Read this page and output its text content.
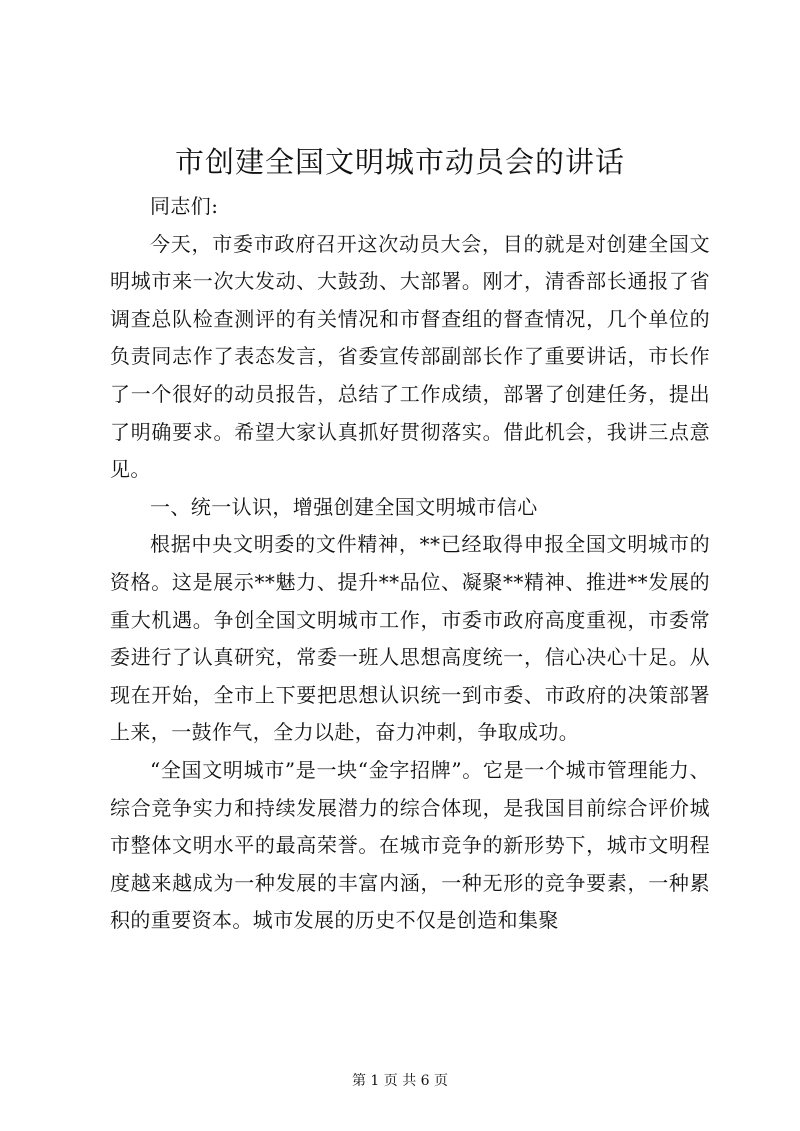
市创建全国文明城市动员会的讲话

同志们:

今天，市委市政府召开这次动员大会，目的就是对创建全国文明城市来一次大发动、大鼓劲、大部署。刚才，清香部长通报了省调查总队检查测评的有关情况和市督查组的督查情况，几个单位的负责同志作了表态发言，省委宣传部副部长作了重要讲话，市长作了一个很好的动员报告，总结了工作成绩，部署了创建任务，提出了明确要求。希望大家认真抓好贯彻落实。借此机会，我讲三点意见。

一、统一认识，增强创建全国文明城市信心

根据中央文明委的文件精神，**已经取得申报全国文明城市的资格。这是展示**魅力、提升**品位、凝聚**精神、推进**发展的重大机遇。争创全国文明城市工作，市委市政府高度重视，市委常委进行了认真研究，常委一班人思想高度统一，信心决心十足。从现在开始，全市上下要把思想认识统一到市委、市政府的决策部署上来，一鼓作气，全力以赴，奋力冲刺，争取成功。

“全国文明城市”是一块“金字招牌”。它是一个城市管理能力、综合竞争实力和持续发展潜力的综合体现，是我国目前综合评价城市整体文明水平的最高荣誉。在城市竞争的新形势下，城市文明程度越来越成为一种发展的丰富内涵，一种无形的竞争要素，一种累积的重要资本。城市发展的历史不仅是创造和集聚

第 1 页 共 6 页
